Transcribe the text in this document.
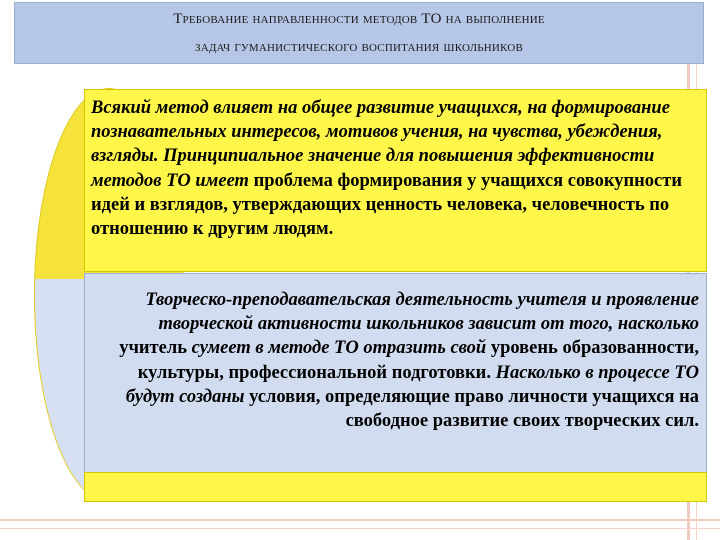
Требование направленности методов ТО на выполнение
задач гуманистического воспитания школьников
Всякий метод влияет на общее развитие учащихся, на формирование познавательных интересов, мотивов учения, на чувства, убеждения, взгляды. Принципиальное значение для повышения эффективности методов ТО имеет проблема формирования у учащихся совокупности идей и взглядов, утверждающих ценность человека, человечность по отношению к другим людям.
Творческо-преподавательская деятельность учителя и проявление творческой активности школьников зависит от того, насколько учитель сумеет в методе ТО отразить свой уровень образованности, культуры, профессиональной подготовки. Насколько в процессе ТО будут созданы условия, определяющие право личности учащихся на свободное развитие своих творческих сил.
